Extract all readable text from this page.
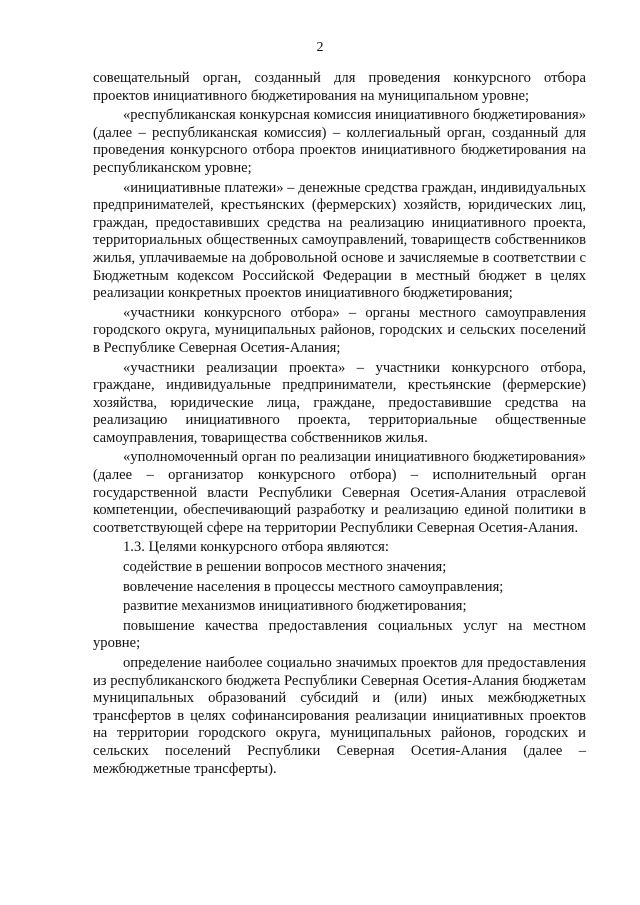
2

совещательный орган, созданный для проведения конкурсного отбора проектов инициативного бюджетирования на муниципальном уровне;

«республиканская конкурсная комиссия инициативного бюджетирования» (далее – республиканская комиссия) – коллегиальный орган, созданный для проведения конкурсного отбора проектов инициативного бюджетирования на республиканском уровне;

«инициативные платежи» – денежные средства граждан, индивидуальных предпринимателей, крестьянских (фермерских) хозяйств, юридических лиц, граждан, предоставивших средства на реализацию инициативного проекта, территориальных общественных самоуправлений, товариществ собственников жилья, уплачиваемые на добровольной основе и зачисляемые в соответствии с Бюджетным кодексом Российской Федерации в местный бюджет в целях реализации конкретных проектов инициативного бюджетирования;

«участники конкурсного отбора» – органы местного самоуправления городского округа, муниципальных районов, городских и сельских поселений в Республике Северная Осетия-Алания;

«участники реализации проекта» – участники конкурсного отбора, граждане, индивидуальные предприниматели, крестьянские (фермерские) хозяйства, юридические лица, граждане, предоставившие средства на реализацию инициативного проекта, территориальные общественные самоуправления, товарищества собственников жилья.

«уполномоченный орган по реализации инициативного бюджетирования» (далее – организатор конкурсного отбора) – исполнительный орган государственной власти Республики Северная Осетия-Алания отраслевой компетенции, обеспечивающий разработку и реализацию единой политики в соответствующей сфере на территории Республики Северная Осетия-Алания.

1.3. Целями конкурсного отбора являются:

содействие в решении вопросов местного значения;

вовлечение населения в процессы местного самоуправления;

развитие механизмов инициативного бюджетирования;

повышение качества предоставления социальных услуг на местном уровне;

определение наиболее социально значимых проектов для предоставления из республиканского бюджета Республики Северная Осетия-Алания бюджетам муниципальных образований субсидий и (или) иных межбюджетных трансфертов в целях софинансирования реализации инициативных проектов на территории городского округа, муниципальных районов, городских и сельских поселений Республики Северная Осетия-Алания (далее – межбюджетные трансферты).
